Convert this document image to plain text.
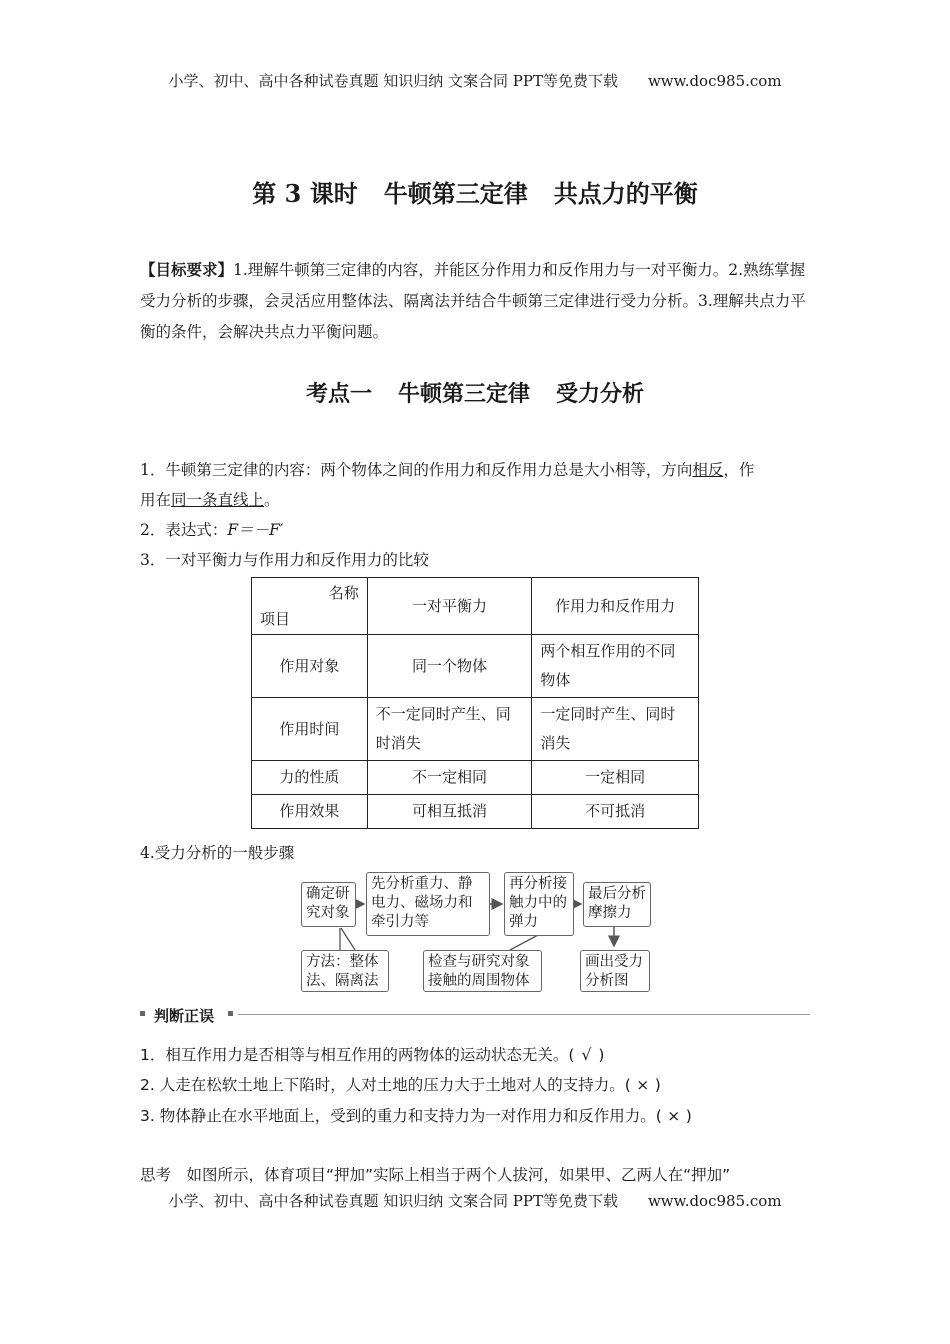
小学、初中、高中各种试卷真题 知识归纳 文案合同 PPT等免费下载 www.doc985.com
第 3 课时 牛顿第三定律 共点力的平衡
【目标要求】1.理解牛顿第三定律的内容，并能区分作用力和反作用力与一对平衡力。2.熟练掌握受力分析的步骤，会灵活应用整体法、隔离法并结合牛顿第三定律进行受力分析。3.理解共点力平衡的条件，会解决共点力平衡问题。
考点一 牛顿第三定律 受力分析
1．牛顿第三定律的内容：两个物体之间的作用力和反作用力总是大小相等，方向相反，作
用在同一条直线上。
2．表达式：F＝－F′
3．一对平衡力与作用力和反作用力的比较
名称
项目	一对平衡力	作用力和反作用力
作用对象	同一个物体	两个相互作用的不同物体
作用时间	不一定同时产生、同时消失	一定同时产生、同时消失
力的性质	不一定相同	一定相同
作用效果	可相互抵消	不可抵消
4.受力分析的一般步骤
确定研究对象
先分析重力、静电力、磁场力和牵引力等
再分析接触力中的弹力
最后分析摩擦力
方法：整体法、隔离法
检查与研究对象接触的周围物体
画出受力分析图
判断正误
1．相互作用力是否相等与相互作用的两物体的运动状态无关。( √ )
2. 人走在松软土地上下陷时，人对土地的压力大于土地对人的支持力。( × )
3. 物体静止在水平地面上，受到的重力和支持力为一对作用力和反作用力。( × )
思考　如图所示，体育项目“押加”实际上相当于两个人拔河，如果甲、乙两人在“押加”
小学、初中、高中各种试卷真题 知识归纳 文案合同 PPT等免费下载 www.doc985.com
